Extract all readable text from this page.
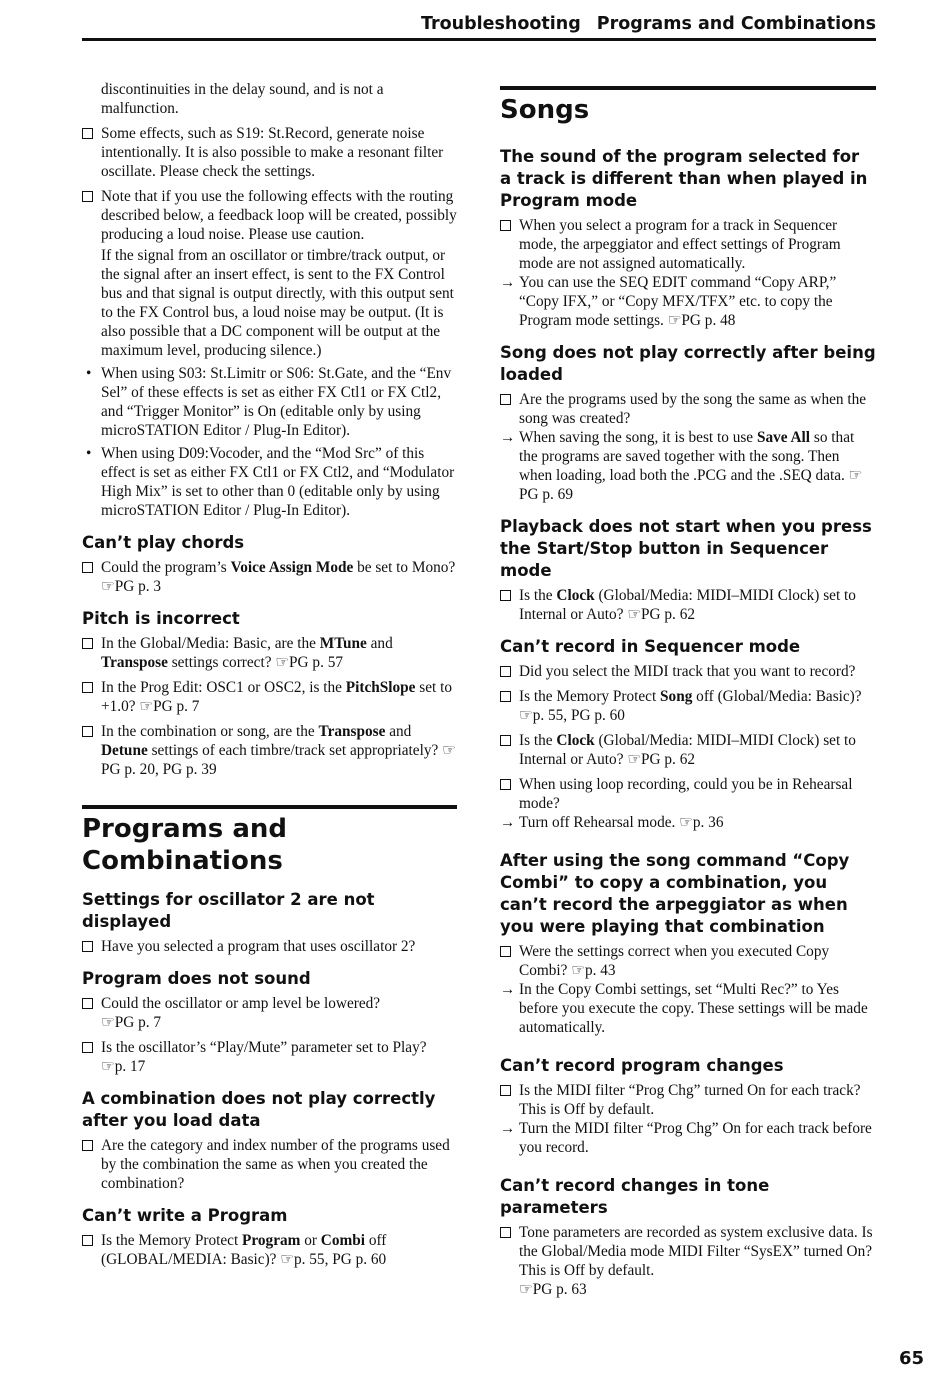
Troubleshooting Programs and Combinations

discontinuities in the delay sound, and is not a malfunction.

Some effects, such as S19: St.Record, generate noise intentionally. It is also possible to make a resonant filter oscillate. Please check the settings.
Note that if you use the following effects with the routing described below, a feedback loop will be created, possibly producing a loud noise. Please use caution.

If the signal from an oscillator or timbre/track output, or the signal after an insert effect, is sent to the FX Control bus and that signal is output directly, with this output sent to the FX Control bus, a loud noise may be output. (It is also possible that a DC component will be output at the maximum level, producing silence.)

• When using S03: St.Limitr or S06: St.Gate, and the “Env Sel” of these effects is set as either FX Ctl1 or FX Ctl2, and “Trigger Monitor” is On (editable only by using microSTATION Editor / Plug-In Editor).
• When using D09:Vocoder, and the “Mod Src” of this effect is set as either FX Ctl1 or FX Ctl2, and “Modulator High Mix” is set to other than 0 (editable only by using microSTATION Editor / Plug-In Editor).
Can’t play chords
Could the program’s Voice Assign Mode be set to Mono? ☞PG p. 3
Pitch is incorrect
In the Global/Media: Basic, are the MTune and Transpose settings correct? ☞PG p. 57
In the Prog Edit: OSC1 or OSC2, is the PitchSlope set to +1.0? ☞PG p. 7
In the combination or song, are the Transpose and Detune settings of each timbre/track set appropriately? ☞PG p. 20, PG p. 39
Programs and Combinations
Settings for oscillator 2 are not displayed
Have you selected a program that uses oscillator 2?
Program does not sound
Could the oscillator or amp level be lowered?
☞PG p. 7
Is the oscillator’s “Play/Mute” parameter set to Play?
☞p. 17
A combination does not play correctly after you load data
Are the category and index number of the programs used by the combination the same as when you created the combination?
Can’t write a Program
Is the Memory Protect Program or Combi off (GLOBAL/MEDIA: Basic)? ☞p. 55, PG p. 60
Songs
The sound of the program selected for a track is different than when played in Program mode
When you select a program for a track in Sequencer mode, the arpeggiator and effect settings of Program mode are not assigned automatically.
→ You can use the SEQ EDIT command “Copy ARP,” “Copy IFX,” or “Copy MFX/TFX” etc. to copy the Program mode settings. ☞PG p. 48
Song does not play correctly after being loaded
Are the programs used by the song the same as when the song was created?
→ When saving the song, it is best to use Save All so that the programs are saved together with the song. Then when loading, load both the .PCG and the .SEQ data. ☞PG p. 69
Playback does not start when you press the Start/Stop button in Sequencer mode
Is the Clock (Global/Media: MIDI–MIDI Clock) set to Internal or Auto? ☞PG p. 62
Can’t record in Sequencer mode
Did you select the MIDI track that you want to record?
Is the Memory Protect Song off (Global/Media: Basic)? ☞p. 55, PG p. 60
Is the Clock (Global/Media: MIDI–MIDI Clock) set to Internal or Auto? ☞PG p. 62
When using loop recording, could you be in Rehearsal mode?
→ Turn off Rehearsal mode. ☞p. 36
After using the song command “Copy Combi” to copy a combination, you can’t record the arpeggiator as when you were playing that combination
Were the settings correct when you executed Copy Combi? ☞p. 43
→ In the Copy Combi settings, set “Multi Rec?” to Yes before you execute the copy. These settings will be made automatically.
Can’t record program changes
Is the MIDI filter “Prog Chg” turned On for each track? This is Off by default.
→ Turn the MIDI filter “Prog Chg” On for each track before you record.
Can’t record changes in tone parameters
Tone parameters are recorded as system exclusive data. Is the Global/Media mode MIDI Filter “SysEX” turned On? This is Off by default.
☞PG p. 63
65
